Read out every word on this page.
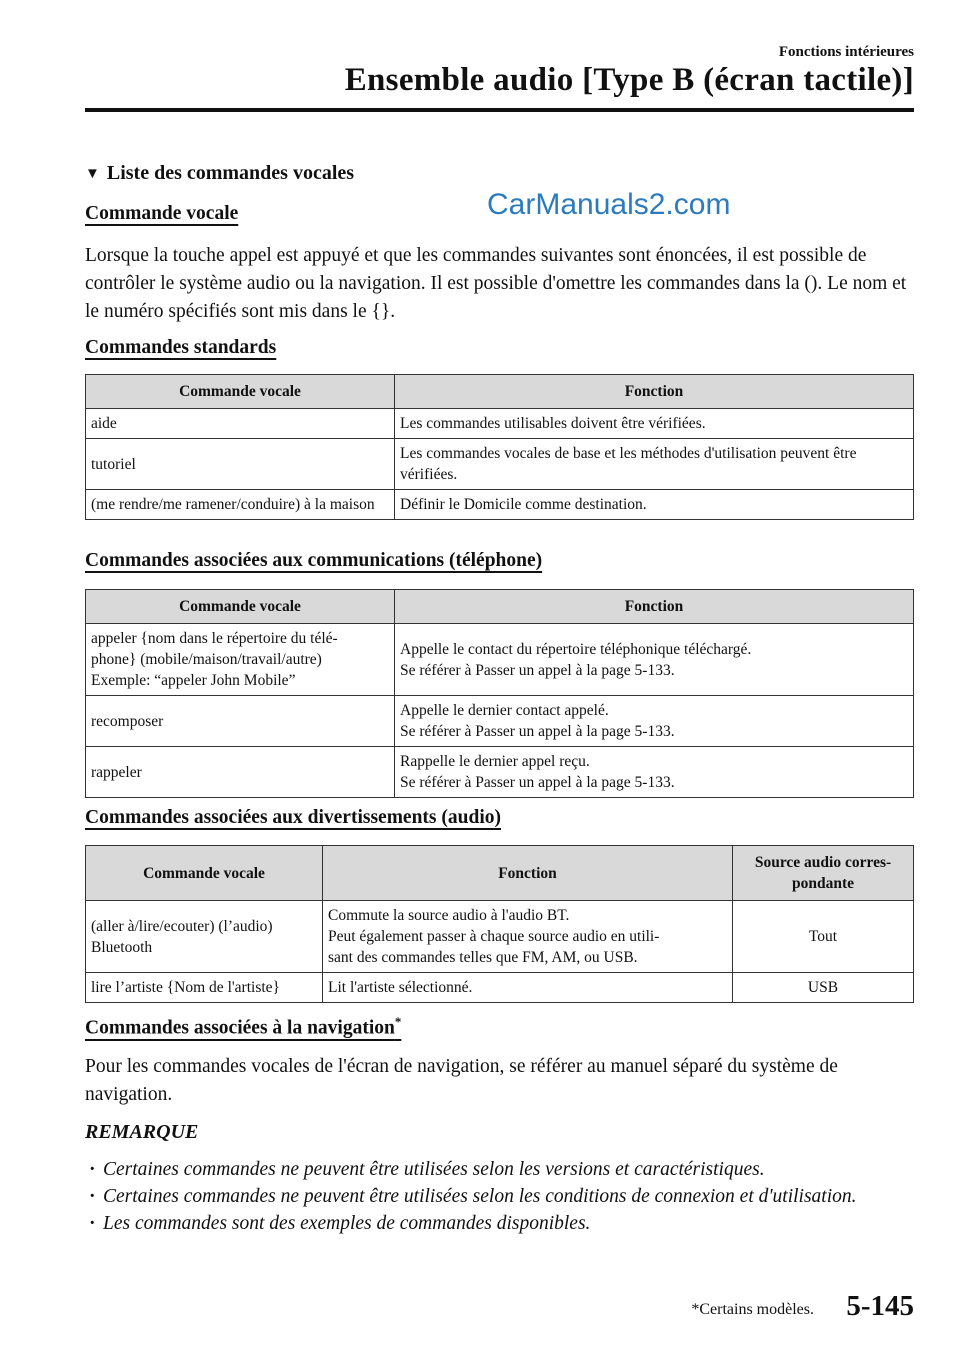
Fonctions intérieures
Ensemble audio [Type B (écran tactile)]
▼ Liste des commandes vocales
CarManuals2.com
Commande vocale

Lorsque la touche appel est appuyé et que les commandes suivantes sont énoncées, il est possible de contrôler le système audio ou la navigation. Il est possible d'omettre les commandes dans la (). Le nom et le numéro spécifiés sont mis dans le {}.

Commandes standards
Commande vocale	Fonction
aide	Les commandes utilisables doivent être vérifiées.
tutoriel	Les commandes vocales de base et les méthodes d'utilisation peuvent être vérifiées.
(me rendre/me ramener/conduire) à la maison	Définir le Domicile comme destination.
Commandes associées aux communications (téléphone)
Commande vocale	Fonction
appeler {nom dans le répertoire du télé-
phone} (mobile/maison/travail/autre)
Exemple: “appeler John Mobile”	Appelle le contact du répertoire téléphonique téléchargé.
Se référer à Passer un appel à la page 5-133.
recomposer	Appelle le dernier contact appelé.
Se référer à Passer un appel à la page 5-133.
rappeler	Rappelle le dernier appel reçu.
Se référer à Passer un appel à la page 5-133.
Commandes associées aux divertissements (audio)
Commande vocale	Fonction	Source audio corres-
pondante
(aller à/lire/ecouter) (l’audio)
Bluetooth	Commute la source audio à l'audio BT.
Peut également passer à chaque source audio en utili-
sant des commandes telles que FM, AM, ou USB.	Tout
lire l’artiste {Nom de l'artiste}	Lit l'artiste sélectionné.	USB
Commandes associées à la navigation*

Pour les commandes vocales de l'écran de navigation, se référer au manuel séparé du système de navigation.

REMARQUE
· Certaines commandes ne peuvent être utilisées selon les versions et caractéristiques.
· Certaines commandes ne peuvent être utilisées selon les conditions de connexion et d'utilisation.
· Les commandes sont des exemples de commandes disponibles.
*Certains modèles. 5-145
